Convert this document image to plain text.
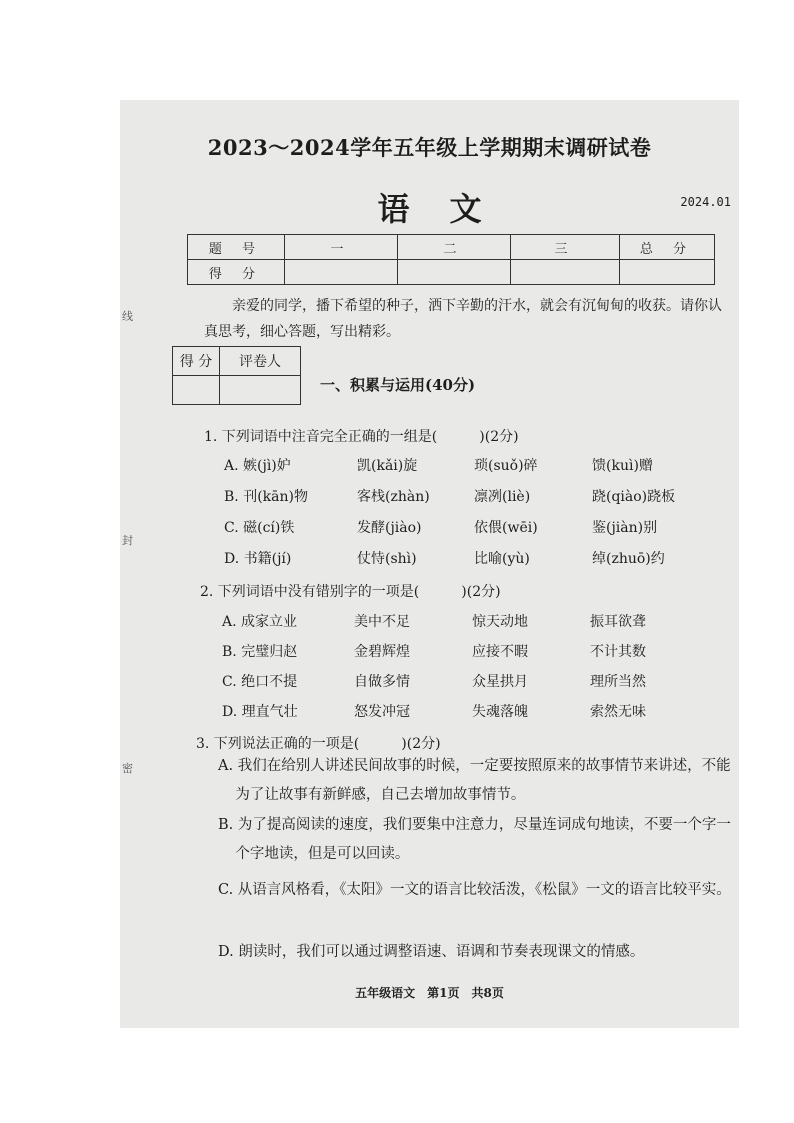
线
封
密
2023～2024学年五年级上学期期末调研试卷
语文	2024.01
题 号	一	二	三	总 分
得 分				
亲爱的同学，播下希望的种子，洒下辛勤的汗水，就会有沉甸甸的收获。请你认真思考，细心答题，写出精彩。
得 分	评卷人

一、积累与运用(40分)
1. 下列词语中注音完全正确的一组是(　　　)(2分)
A. 嫉(jì)妒	凯(kǎi)旋	琐(suǒ)碎	馈(kuì)赠
B. 刊(kān)物	客栈(zhàn)	凛冽(liè)	跷(qiào)跷板
C. 磁(cí)铁	发酵(jiào)	依偎(wēi)	鉴(jiàn)别
D. 书籍(jí)	仗恃(shì)	比喻(yù)	绰(zhuō)约
2. 下列词语中没有错别字的一项是(　　　)(2分)
A. 成家立业	美中不足	惊天动地	振耳欲聋
B. 完璧归赵	金碧辉煌	应接不暇	不计其数
C. 绝口不提	自做多情	众星拱月	理所当然
D. 理直气壮	怒发冲冠	失魂落魄	索然无味
3. 下列说法正确的一项是(　　　)(2分)
A. 我们在给别人讲述民间故事的时候，一定要按照原来的故事情节来讲述，不能为了让故事有新鲜感，自己去增加故事情节。
B. 为了提高阅读的速度，我们要集中注意力，尽量连词成句地读，不要一个字一个字地读，但是可以回读。
C. 从语言风格看，《太阳》一文的语言比较活泼，《松鼠》一文的语言比较平实。
D. 朗读时，我们可以通过调整语速、语调和节奏表现课文的情感。
五年级语文　第1页　共8页
